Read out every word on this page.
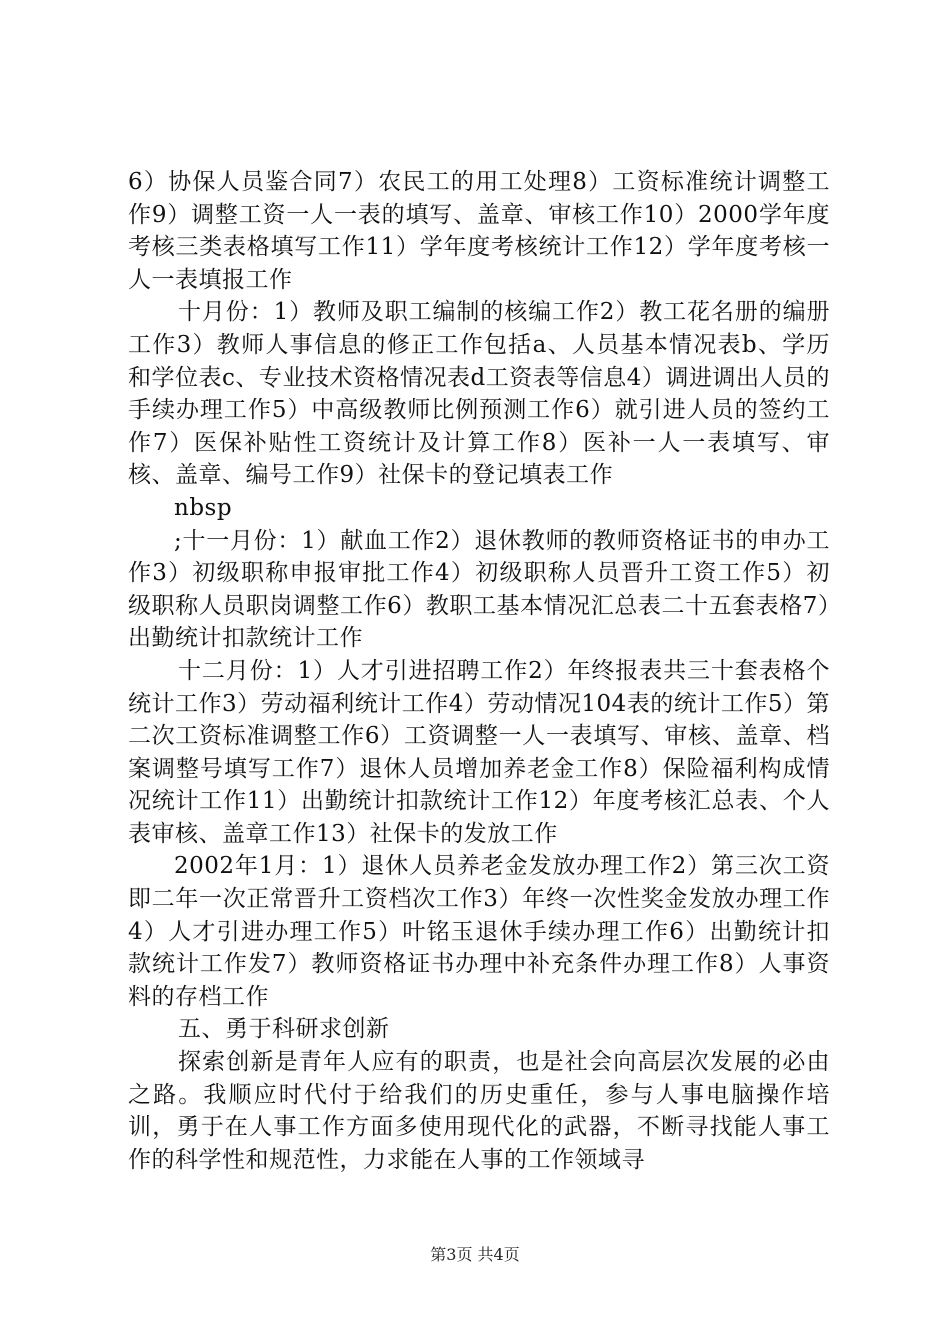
6）协保人员鉴合同7）农民工的用工处理8）工资标准统计调整工作9）调整工资一人一表的填写、盖章、审核工作10）2000学年度考核三类表格填写工作11）学年度考核统计工作12）学年度考核一人一表填报工作

十月份：1）教师及职工编制的核编工作2）教工花名册的编册工作3）教师人事信息的修正工作包括a、人员基本情况表b、学历和学位表c、专业技术资格情况表d工资表等信息4）调进调出人员的手续办理工作5）中高级教师比例预测工作6）就引进人员的签约工作7）医保补贴性工资统计及计算工作8）医补一人一表填写、审核、盖章、编号工作9）社保卡的登记填表工作

nbsp

;十一月份：1）献血工作2）退休教师的教师资格证书的申办工作3）初级职称申报审批工作4）初级职称人员晋升工资工作5）初级职称人员职岗调整工作6）教职工基本情况汇总表二十五套表格7）出勤统计扣款统计工作

十二月份：1）人才引进招聘工作2）年终报表共三十套表格个统计工作3）劳动福利统计工作4）劳动情况104表的统计工作5）第二次工资标准调整工作6）工资调整一人一表填写、审核、盖章、档案调整号填写工作7）退休人员增加养老金工作8）保险福利构成情况统计工作11）出勤统计扣款统计工作12）年度考核汇总表、个人表审核、盖章工作13）社保卡的发放工作

2002年1月：1）退休人员养老金发放办理工作2）第三次工资即二年一次正常晋升工资档次工作3）年终一次性奖金发放办理工作4）人才引进办理工作5）叶铭玉退休手续办理工作6）出勤统计扣款统计工作发7）教师资格证书办理中补充条件办理工作8）人事资料的存档工作

五、勇于科研求创新

探索创新是青年人应有的职责，也是社会向高层次发展的必由之路。我顺应时代付于给我们的历史重任，参与人事电脑操作培训，勇于在人事工作方面多使用现代化的武器，不断寻找能人事工作的科学性和规范性，力求能在人事的工作领域寻

第3页 共4页
